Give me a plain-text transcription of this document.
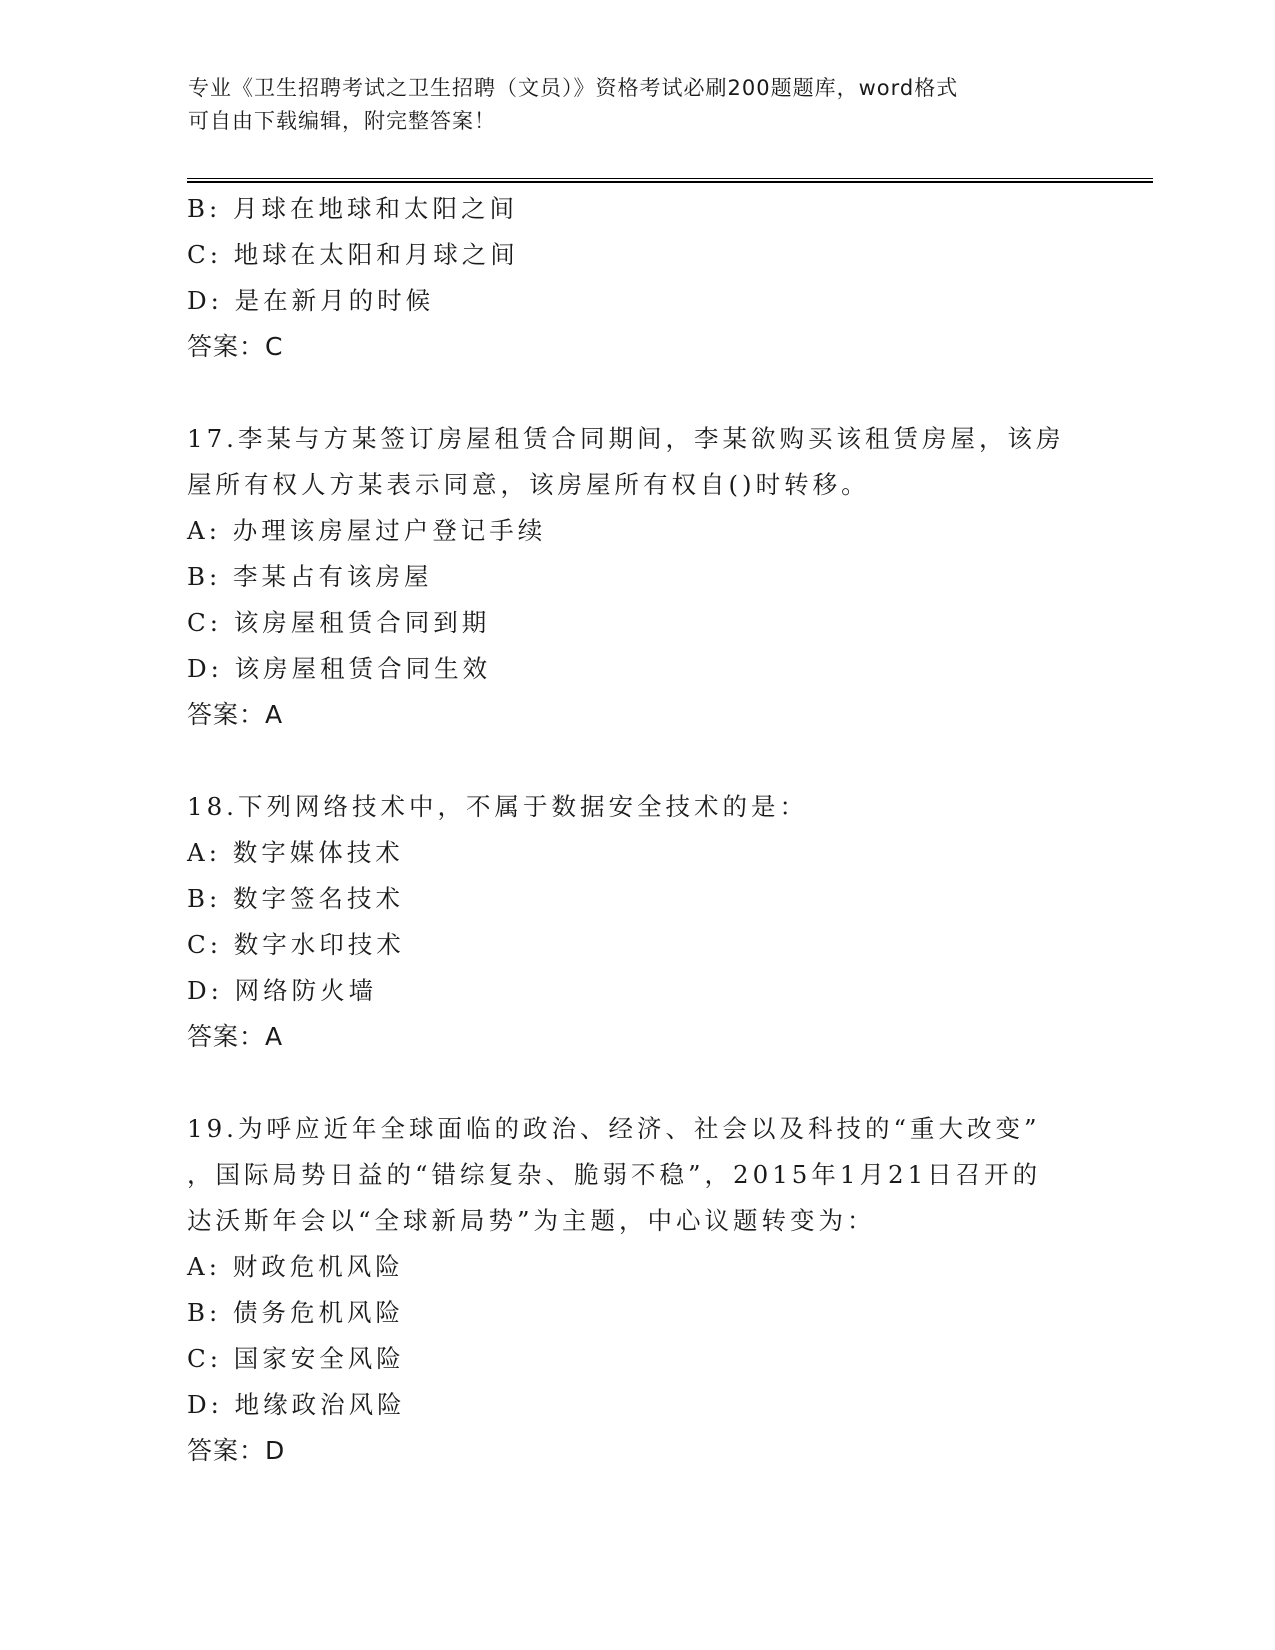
专业《卫生招聘考试之卫生招聘（文员）》资格考试必刷200题题库，word格式
可自由下载编辑，附完整答案！
B: 月球在地球和太阳之间
C: 地球在太阳和月球之间
D: 是在新月的时候
答案：C
17.李某与方某签订房屋租赁合同期间，李某欲购买该租赁房屋，该房
屋所有权人方某表示同意，该房屋所有权自()时转移。
A: 办理该房屋过户登记手续
B: 李某占有该房屋
C: 该房屋租赁合同到期
D: 该房屋租赁合同生效
答案：A
18.下列网络技术中，不属于数据安全技术的是：
A: 数字媒体技术
B: 数字签名技术
C: 数字水印技术
D: 网络防火墙
答案：A
19.为呼应近年全球面临的政治、经济、社会以及科技的“重大改变”
，国际局势日益的“错综复杂、脆弱不稳”，2015年1月21日召开的
达沃斯年会以“全球新局势”为主题，中心议题转变为：
A: 财政危机风险
B: 债务危机风险
C: 国家安全风险
D: 地缘政治风险
答案：D
